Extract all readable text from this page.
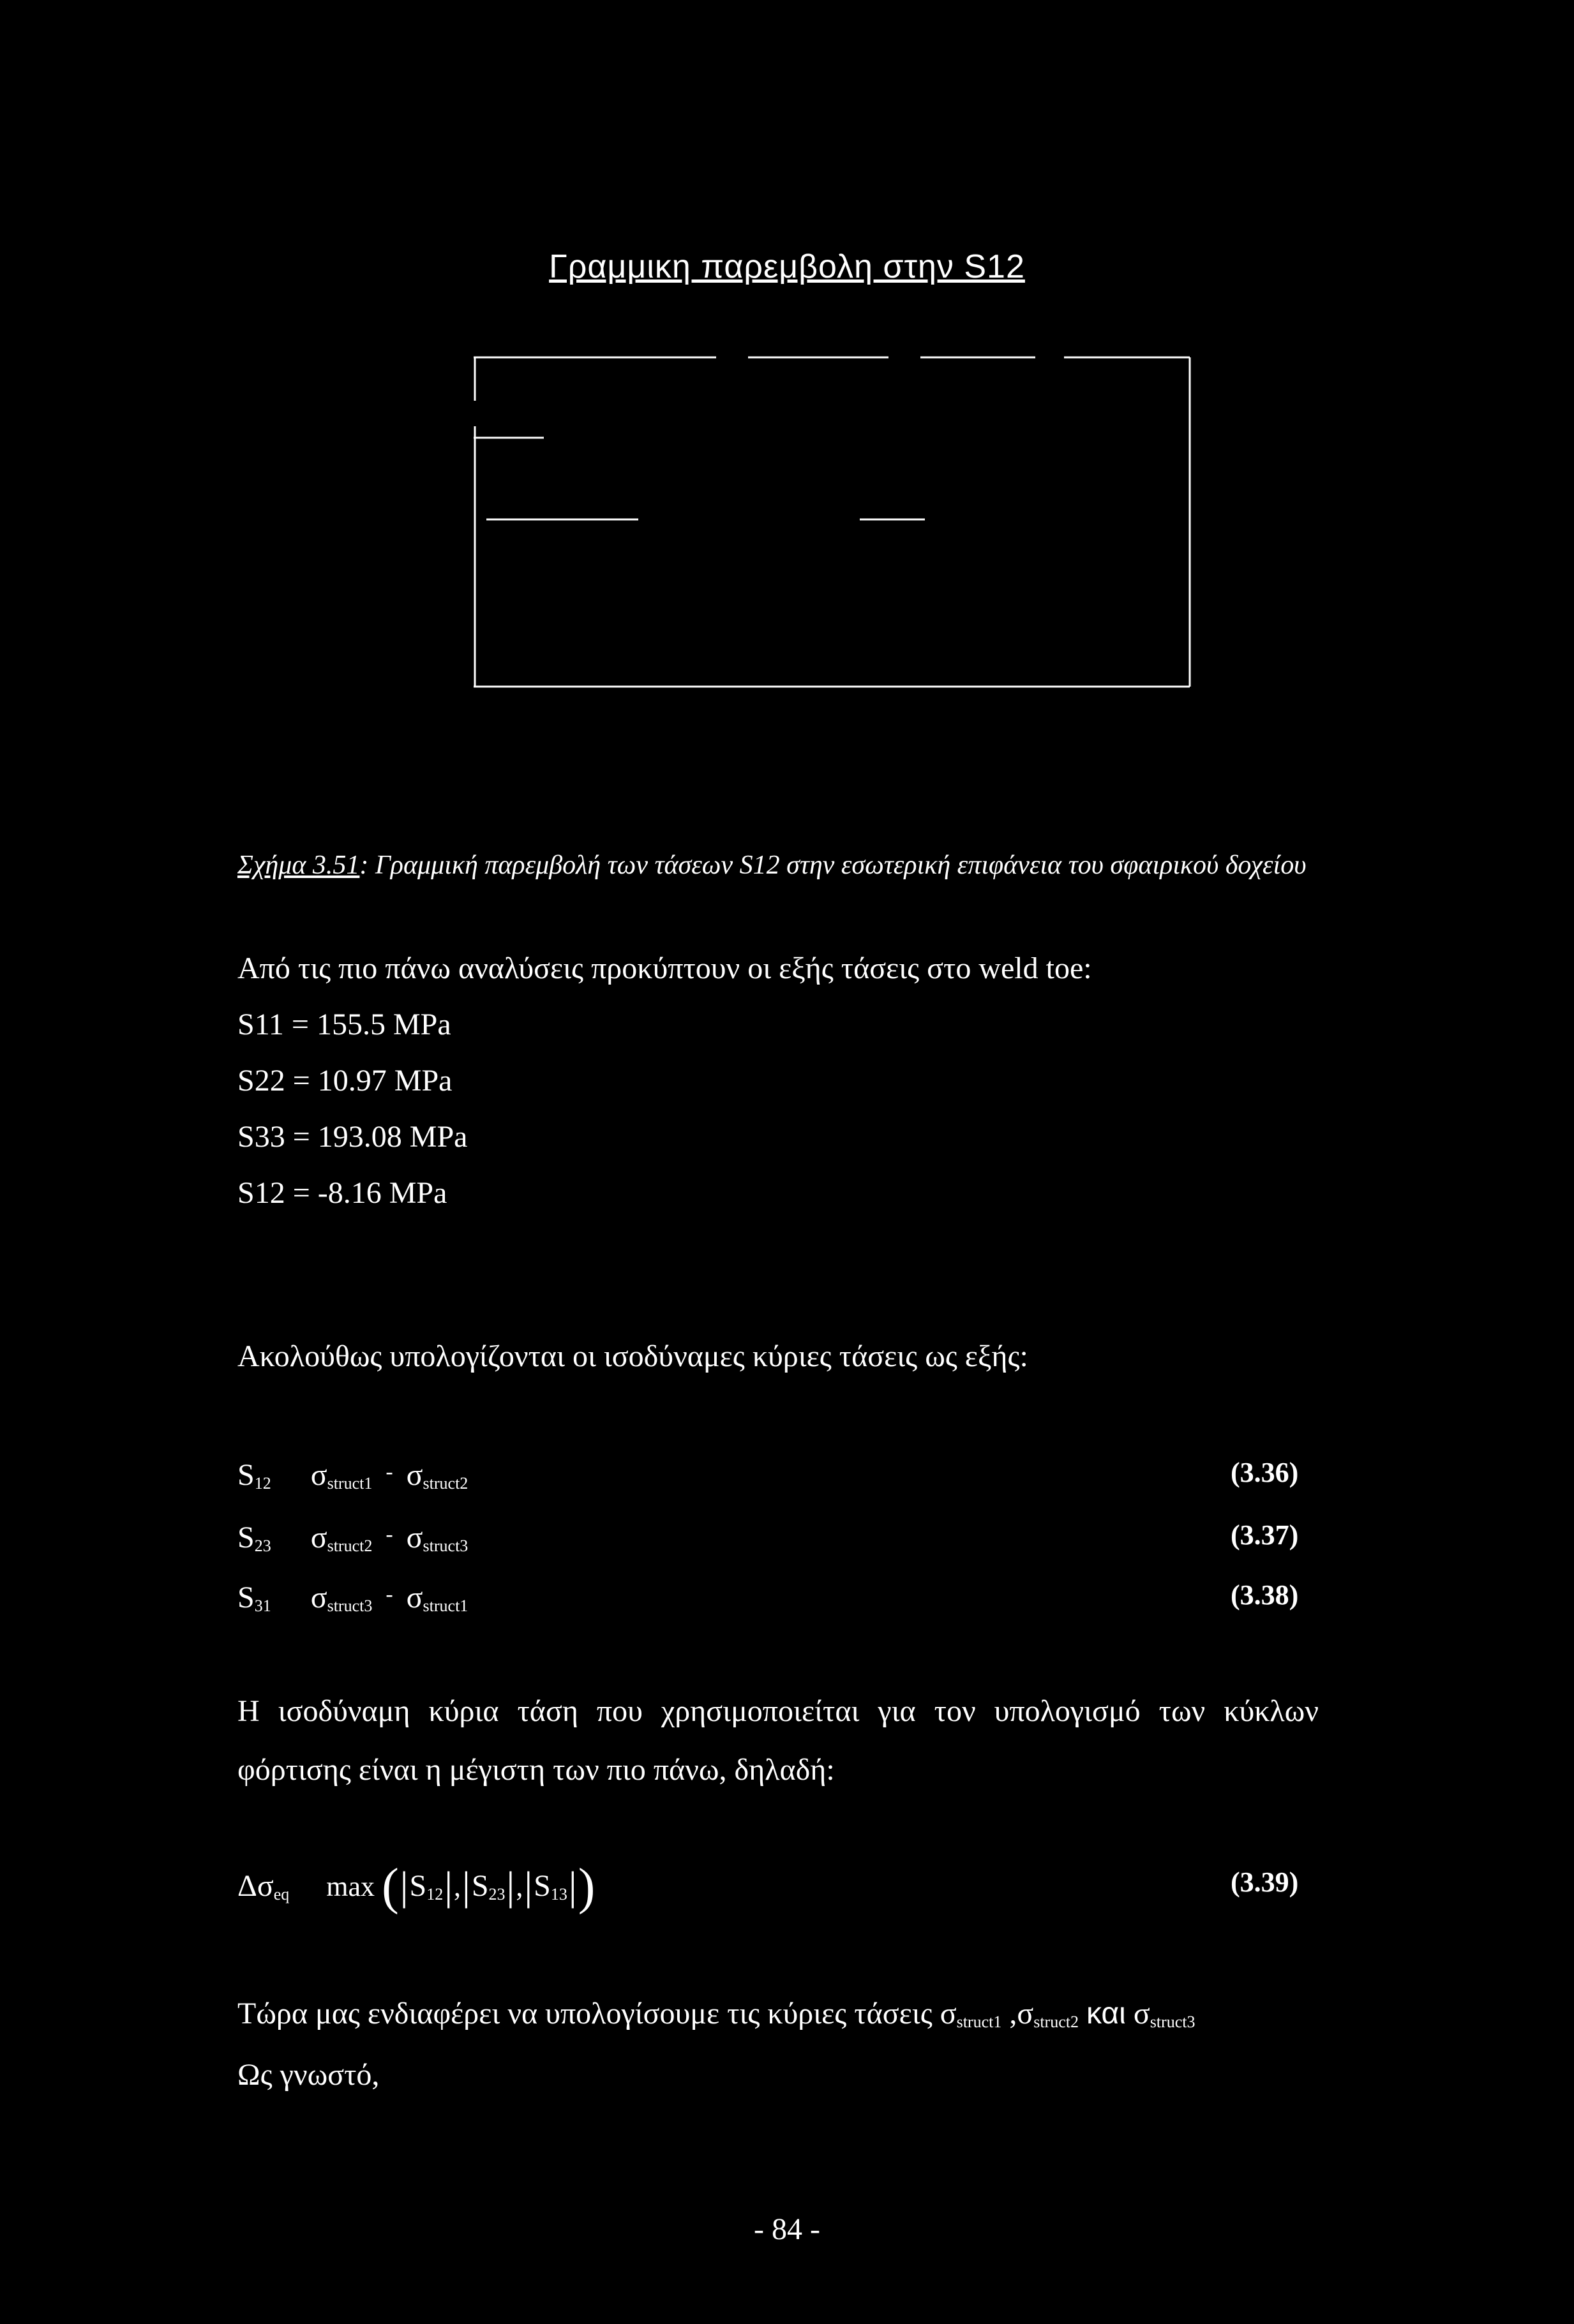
Γραμμικη παρεμβολη στην S12
Σχήμα 3.51: Γραμμική παρεμβολή των τάσεων S12 στην εσωτερική επιφάνεια του σφαιρικού δοχείου
Από τις πιο πάνω αναλύσεις προκύπτουν οι εξής τάσεις στο weld toe:
S11 = 155.5 MPa
S22 = 10.97 MPa
S33 = 193.08 MPa
S12 = -8.16 MPa
Ακολούθως υπολογίζονται οι ισοδύναμες κύριες τάσεις ως εξής:
$S_{12}$ $\sigma_{struct1}$ - $\sigma_{struct2}$	(3.36)
$S_{23}$ $\sigma_{struct2}$ - $\sigma_{struct3}$	(3.37)
$S_{31}$ $\sigma_{struct3}$ - $\sigma_{struct1}$	(3.38)
Η ισοδύναμη κύρια τάση που χρησιμοποιείται για τον υπολογισμό των κύκλων
φόρτισης είναι η μέγιστη των πιο πάνω, δηλαδή:
$\Delta\sigma_{eq}$ $\max (|S_{12}|,|S_{23}|,|S_{13}|)$	(3.39)
Τώρα μας ενδιαφέρει να υπολογίσουμε τις κύριες τάσεις $\sigma_{struct1}$ $,\sigma_{struct2}$ και $\sigma_{struct3}$
Ως γνωστό,
- 84 -
